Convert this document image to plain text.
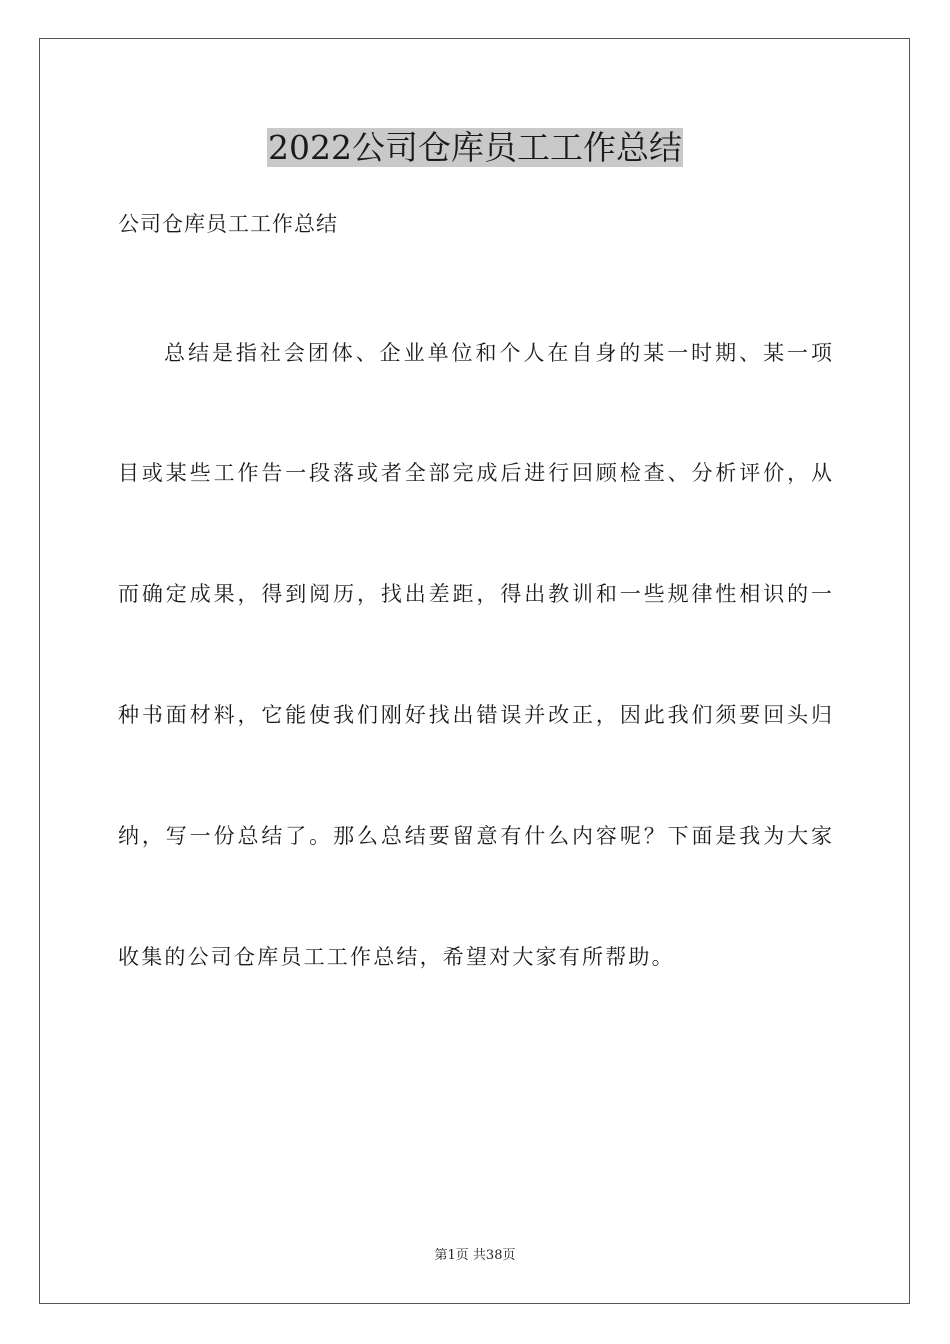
2022公司仓库员工工作总结
公司仓库员工工作总结
总结是指社会团体、企业单位和个人在自身的某一时期、某一项
目或某些工作告一段落或者全部完成后进行回顾检查、分析评价，从
而确定成果，得到阅历，找出差距，得出教训和一些规律性相识的一
种书面材料，它能使我们刚好找出错误并改正，因此我们须要回头归
纳，写一份总结了。那么总结要留意有什么内容呢？下面是我为大家
收集的公司仓库员工工作总结，希望对大家有所帮助。
第1页 共38页
